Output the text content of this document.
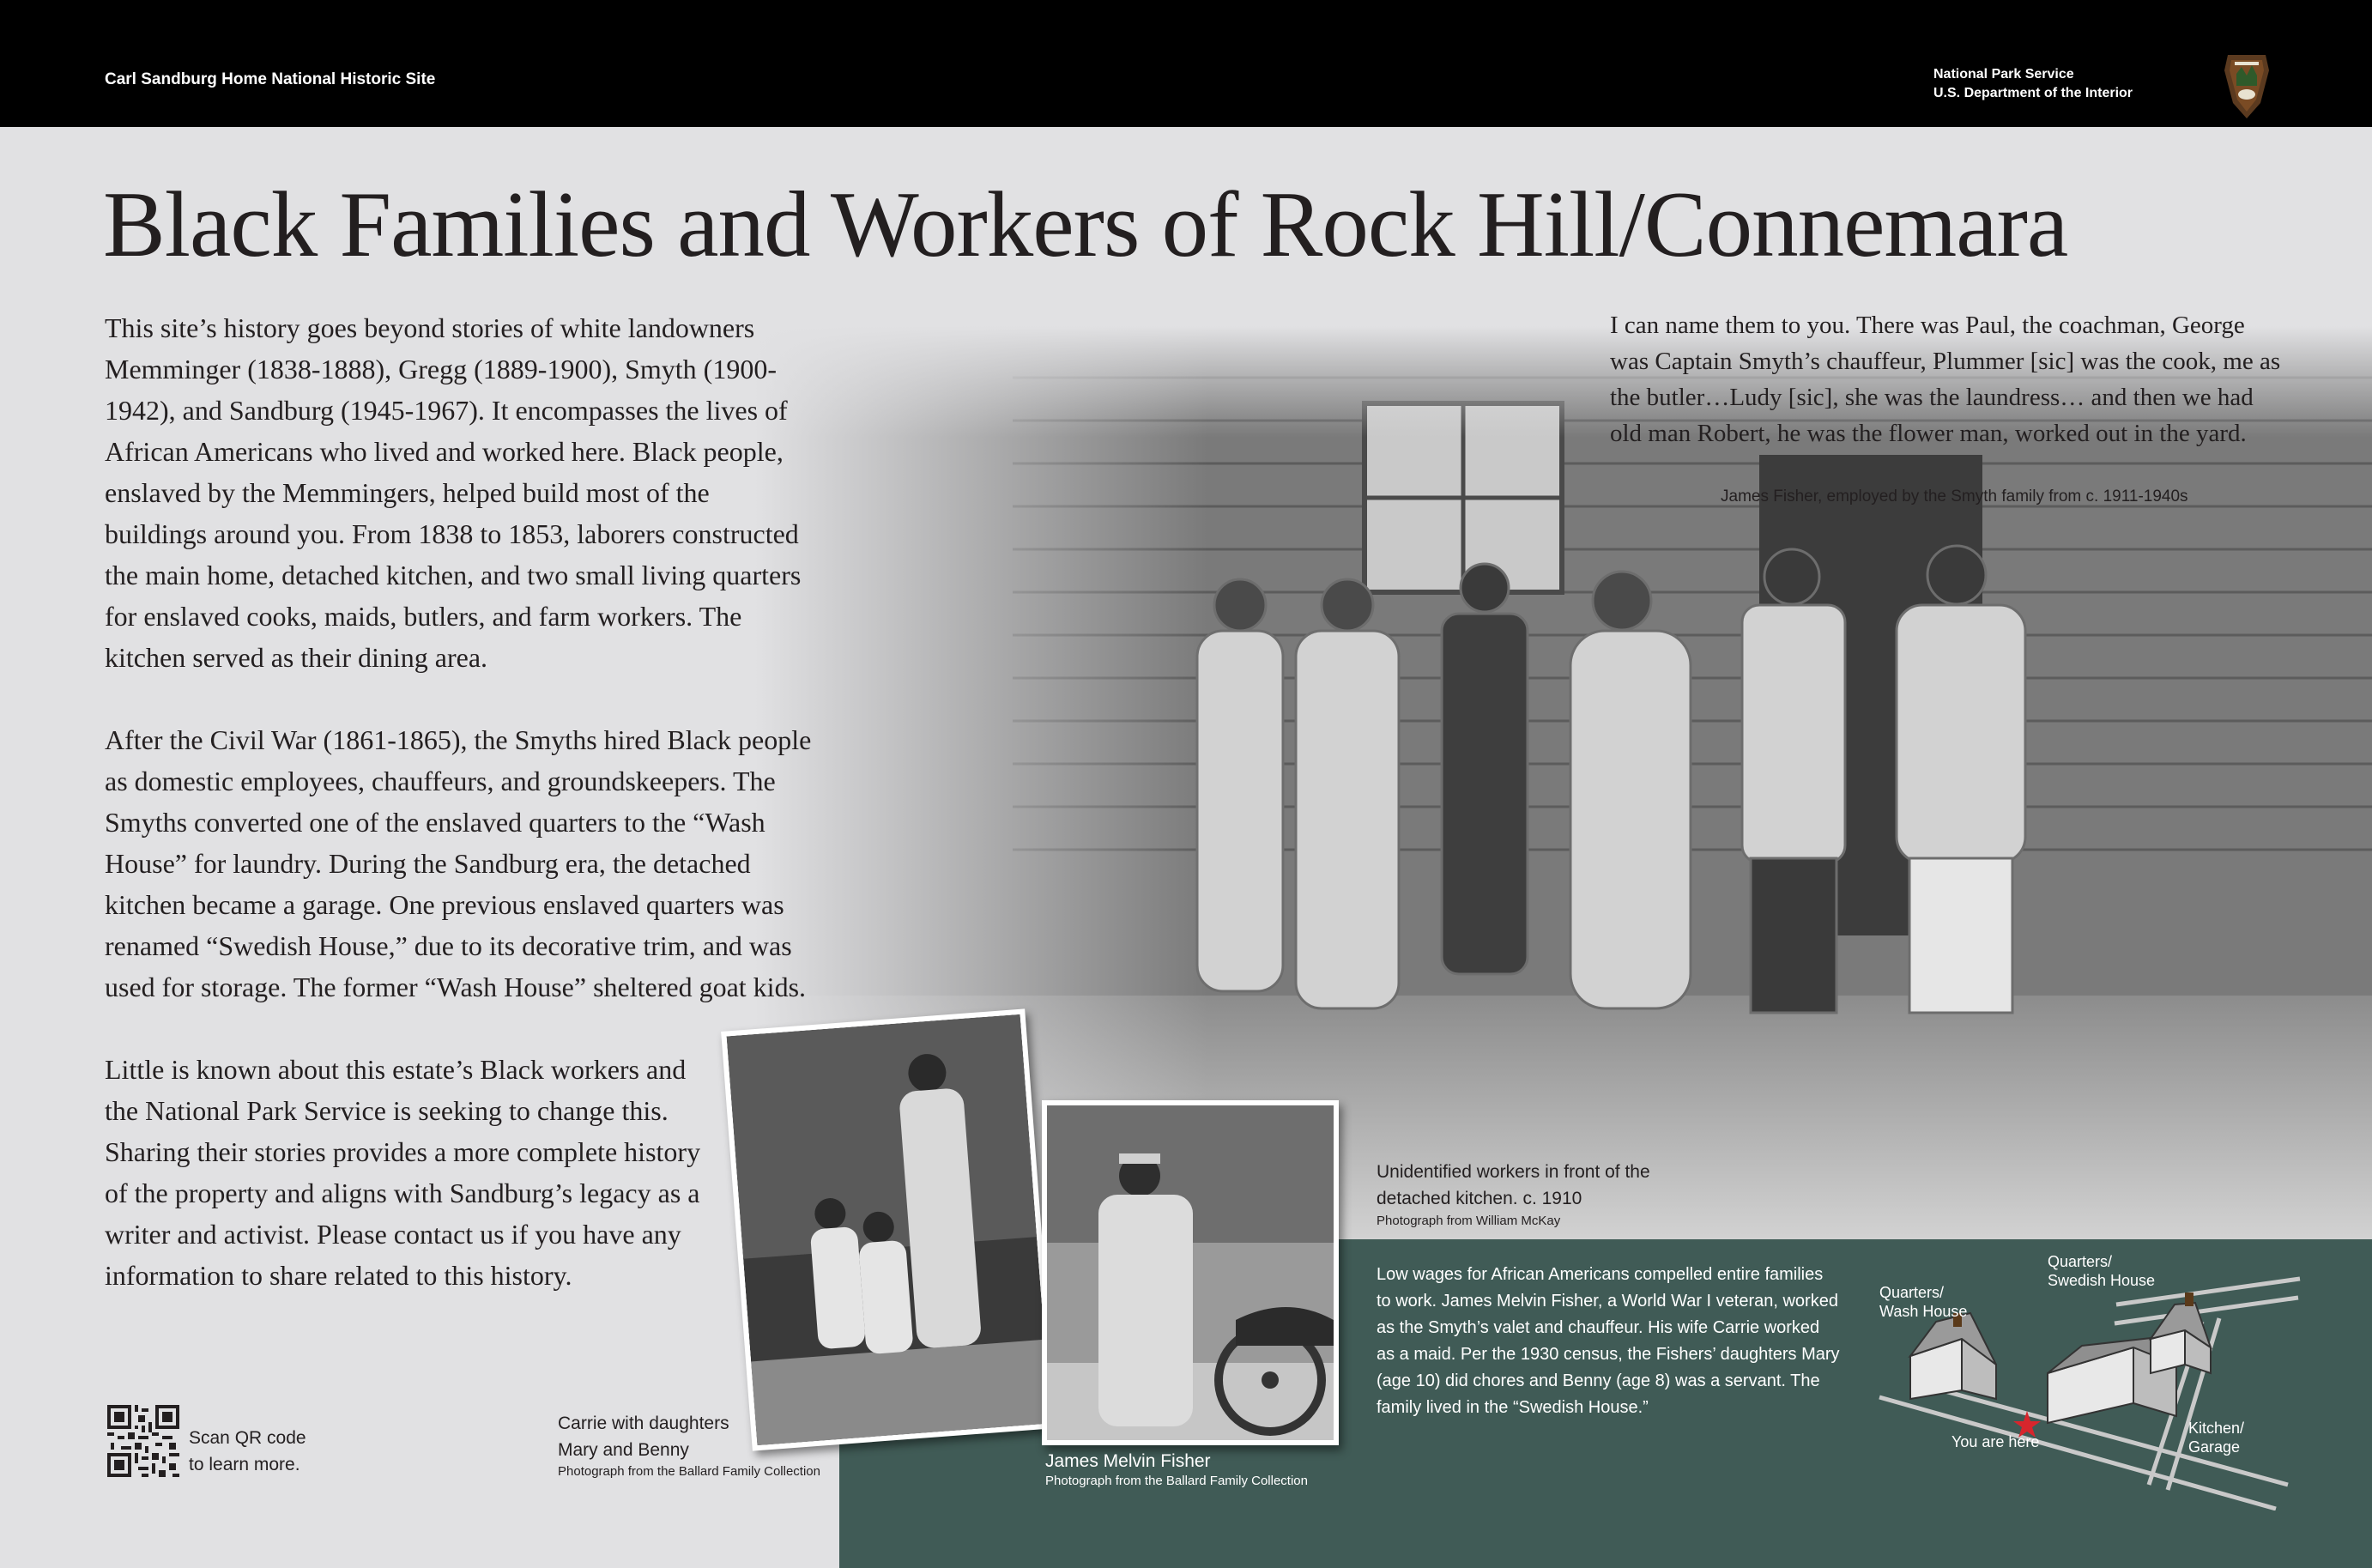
Carl Sandburg Home National Historic Site	National Park Service
U.S. Department of the Interior
Black Families and Workers of Rock Hill/Connemara

This site’s history goes beyond stories of white landowners Memminger (1838-1888), Gregg (1889-1900), Smyth (1900-1942), and Sandburg (1945-1967). It encompasses the lives of African Americans who lived and worked here. Black people, enslaved by the Memmingers, helped build most of the buildings around you. From 1838 to 1853, laborers constructed the main home, detached kitchen, and two small living quarters for enslaved cooks, maids, butlers, and farm workers. The kitchen served as their dining area.

After the Civil War (1861-1865), the Smyths hired Black people as domestic employees, chauffeurs, and groundskeepers. The Smyths converted one of the enslaved quarters to the “Wash House” for laundry. During the Sandburg era, the detached kitchen became a garage. One previous enslaved quarters was renamed “Swedish House,” due to its decorative trim, and was used for storage. The former “Wash House” sheltered goat kids.

Little is known about this estate’s Black workers and the National Park Service is seeking to change this. Sharing their stories provides a more complete history of the property and aligns with Sandburg’s legacy as a writer and activist. Please contact us if you have any information to share related to this history.

I can name them to you. There was Paul, the coachman, George was Captain Smyth’s chauffeur, Plummer [sic] was the cook, me as the butler…Ludy [sic], she was the laundress… and then we had old man Robert, he was the flower man, worked out in the yard.
James Fisher, employed by the Smyth family from c. 1911-1940s
Unidentified workers in front of the
detached kitchen. c. 1910
Photograph from William McKay
Low wages for African Americans compelled entire families to work. James Melvin Fisher, a World War I veteran, worked as the Smyth’s valet and chauffeur. His wife Carrie worked as a maid. Per the 1930 census, the Fishers’ daughters Mary (age 10) did chores and Benny (age 8) was a servant. The family lived in the “Swedish House.”
Quarters/
Wash House
Quarters/
Swedish House
Kitchen/
Garage
You are here
Carrie with daughters
Mary and Benny
Photograph from the Ballard Family Collection
James Melvin Fisher
Photograph from the Ballard Family Collection
Scan QR code
to learn more.
